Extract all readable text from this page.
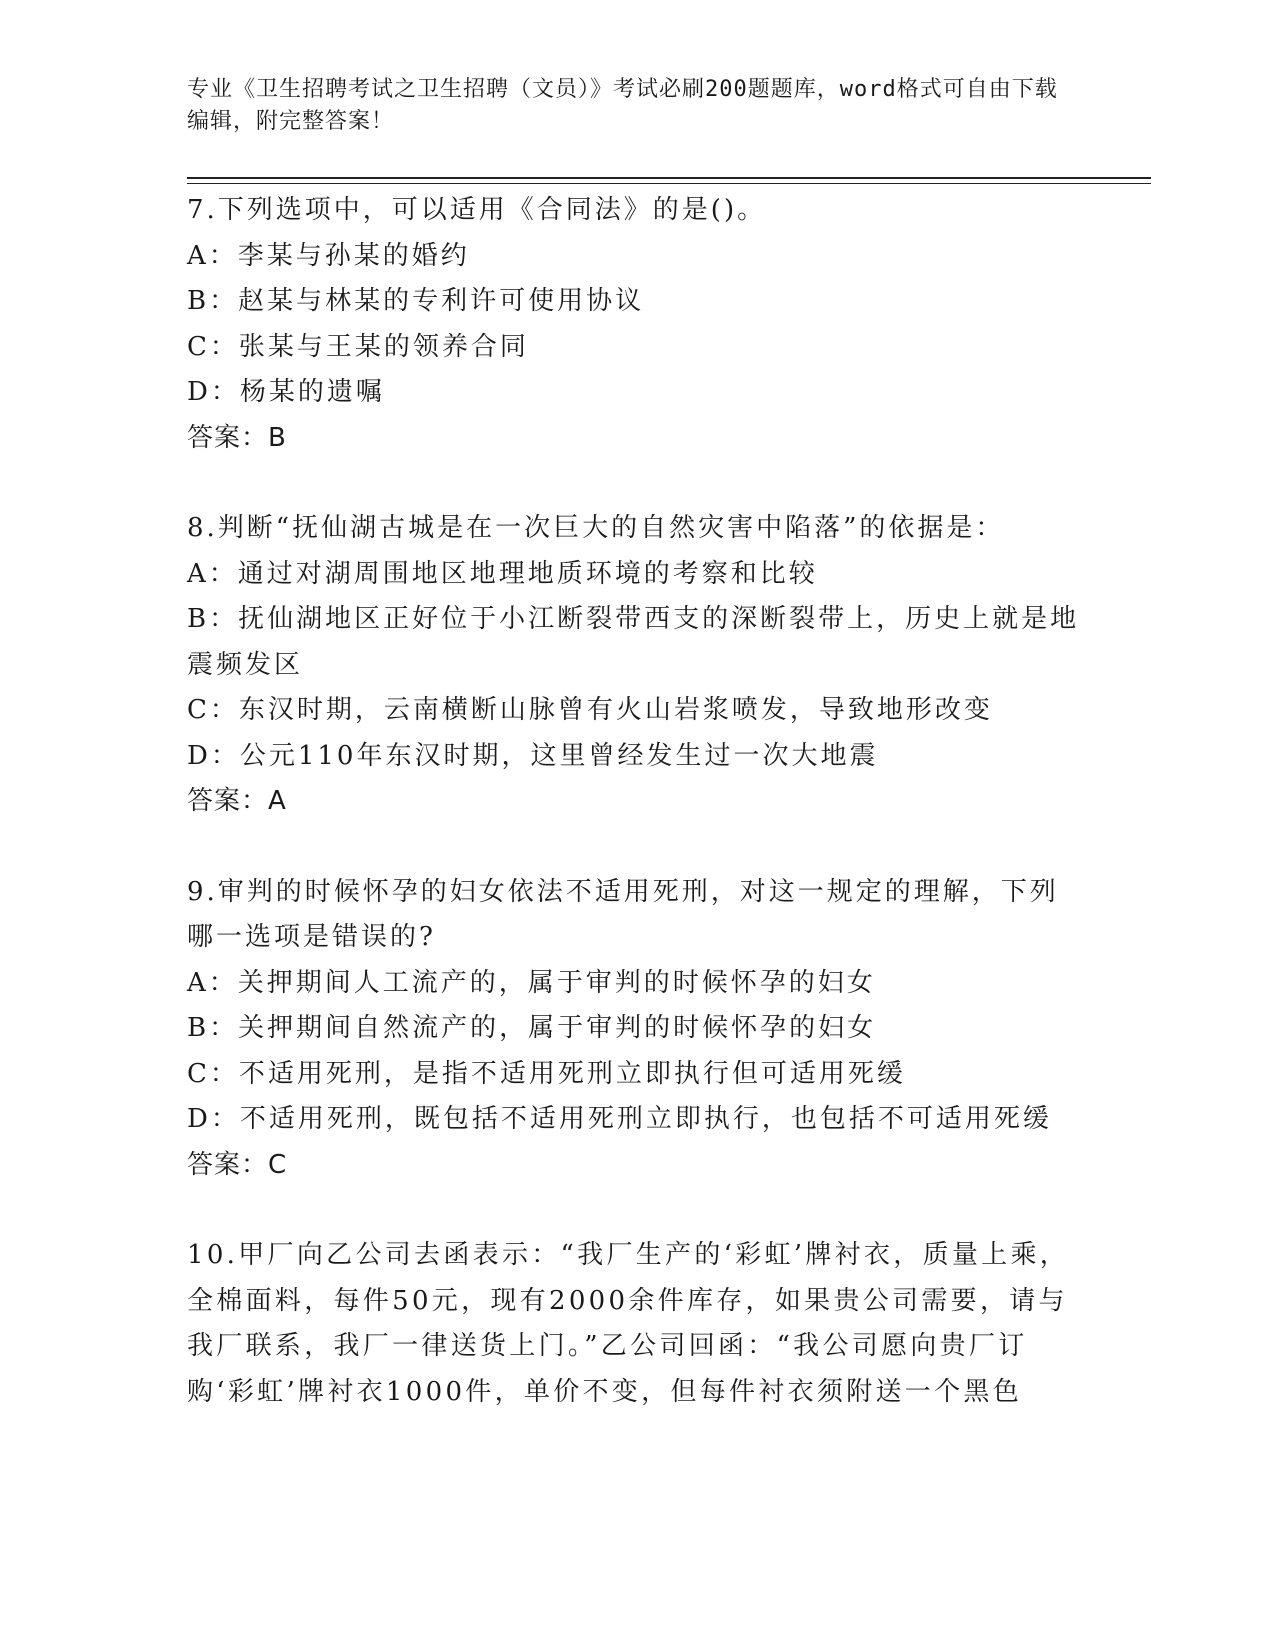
专业《卫生招聘考试之卫生招聘（文员）》考试必刷200题题库，word格式可自由下载编辑，附完整答案！
7.下列选项中，可以适用《合同法》的是()。
A：李某与孙某的婚约
B：赵某与林某的专利许可使用协议
C：张某与王某的领养合同
D：杨某的遗嘱
答案：B
8.判断“抚仙湖古城是在一次巨大的自然灾害中陷落”的依据是：
A：通过对湖周围地区地理地质环境的考察和比较
B：抚仙湖地区正好位于小江断裂带西支的深断裂带上，历史上就是地震频发区
C：东汉时期，云南横断山脉曾有火山岩浆喷发，导致地形改变
D：公元110年东汉时期，这里曾经发生过一次大地震
答案：A
9.审判的时候怀孕的妇女依法不适用死刑，对这一规定的理解，下列哪一选项是错误的?
A：关押期间人工流产的，属于审判的时候怀孕的妇女
B：关押期间自然流产的，属于审判的时候怀孕的妇女
C：不适用死刑，是指不适用死刑立即执行但可适用死缓
D：不适用死刑，既包括不适用死刑立即执行，也包括不可适用死缓
答案：C
10.甲厂向乙公司去函表示：“我厂生产的‘彩虹’牌衬衣，质量上乘，全棉面料，每件50元，现有2000余件库存，如果贵公司需要，请与我厂联系，我厂一律送货上门。”乙公司回函：“我公司愿向贵厂订购‘彩虹’牌衬衣1000件，单价不变，但每件衬衣须附送一个黑色
